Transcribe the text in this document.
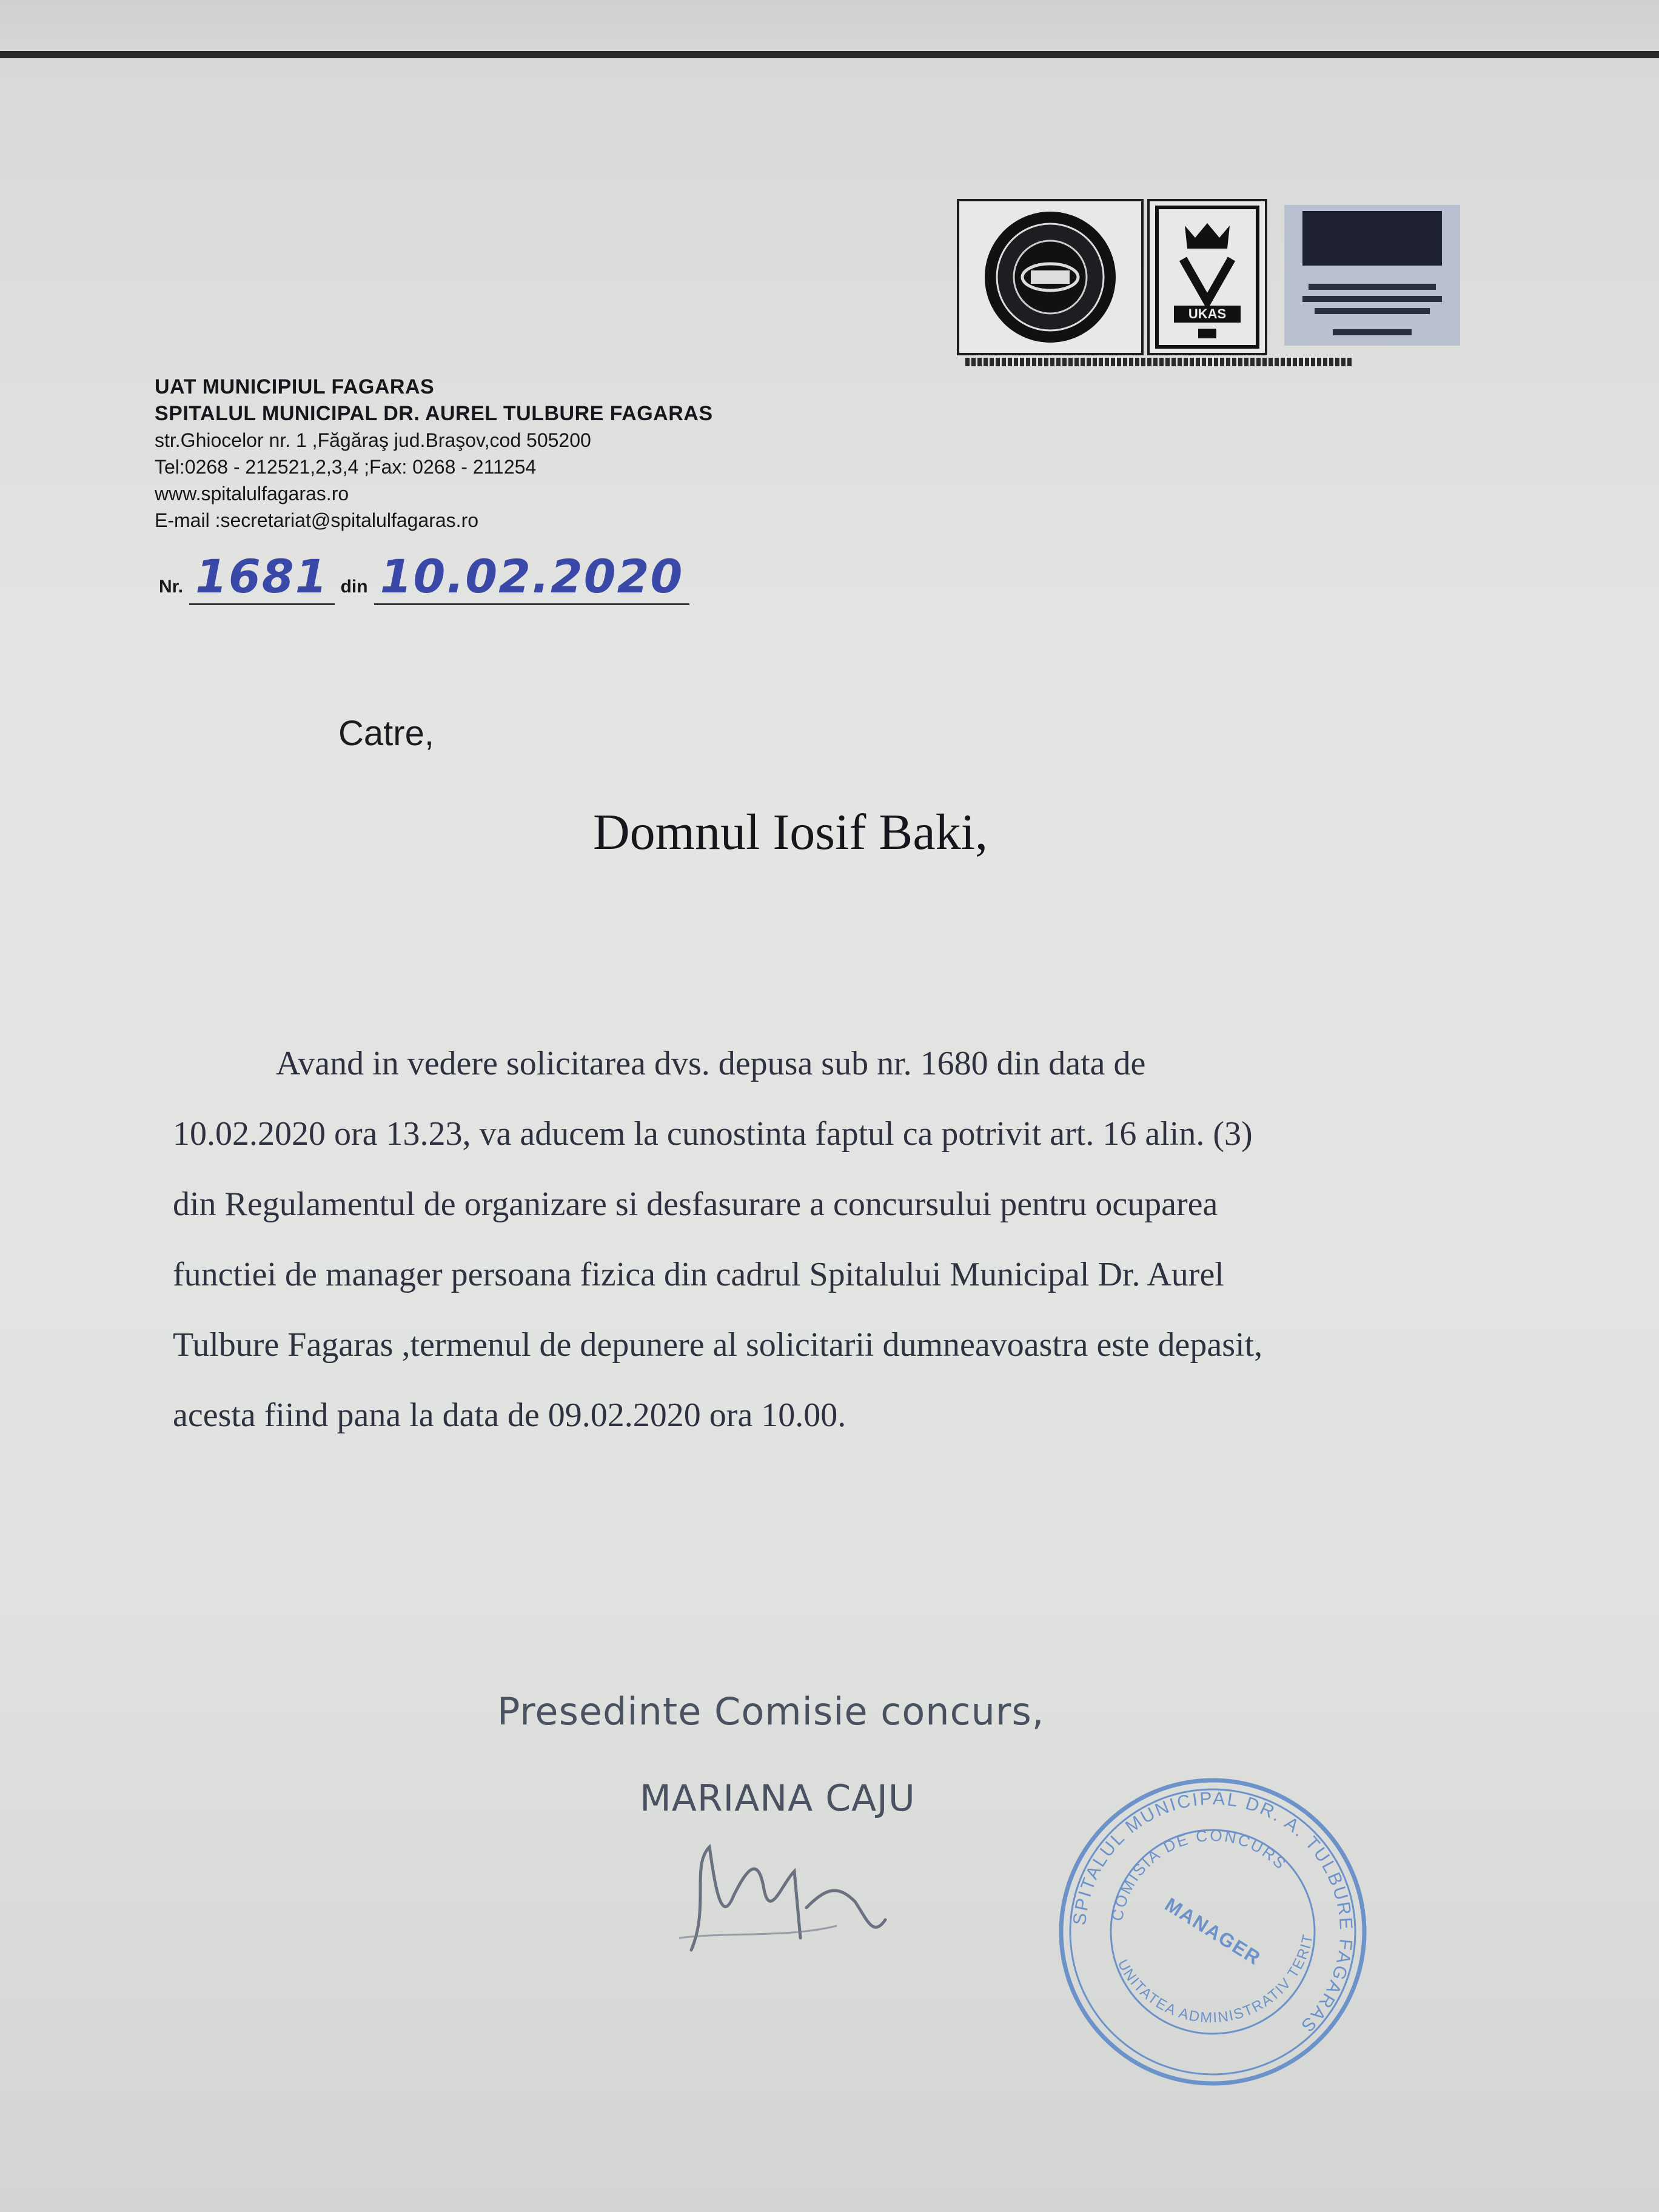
UKAS
UAT MUNICIPIUL FAGARAS
SPITALUL MUNICIPAL DR. AUREL TULBURE FAGARAS
str.Ghiocelor nr. 1 ,Făgăraş jud.Braşov,cod 505200
Tel:0268 - 212521,2,3,4 ;Fax: 0268 - 211254
www.spitalulfagaras.ro
E-mail :secretariat@spitalulfagaras.ro
Nr. 1681 din 10.02.2020
Catre,
Domnul Iosif Baki,

Avand in vedere solicitarea dvs. depusa sub nr. 1680 din data de

10.02.2020 ora 13.23, va aducem la cunostinta faptul ca potrivit art. 16 alin. (3)

din Regulamentul de organizare si desfasurare a concursului pentru ocuparea

functiei de manager persoana fizica din cadrul Spitalului Municipal Dr. Aurel

Tulbure Fagaras ,termenul de depunere al solicitarii dumneavoastra este depasit,

acesta fiind pana la data de 09.02.2020 ora 10.00.

Presedinte Comisie concurs,
MARIANA CAJU
SPITALUL MUNICIPAL DR. A. TULBURE FAGARAS
COMISIA DE CONCURS
UNITATEA ADMINISTRATIV TERITORIALA
MANAGER
